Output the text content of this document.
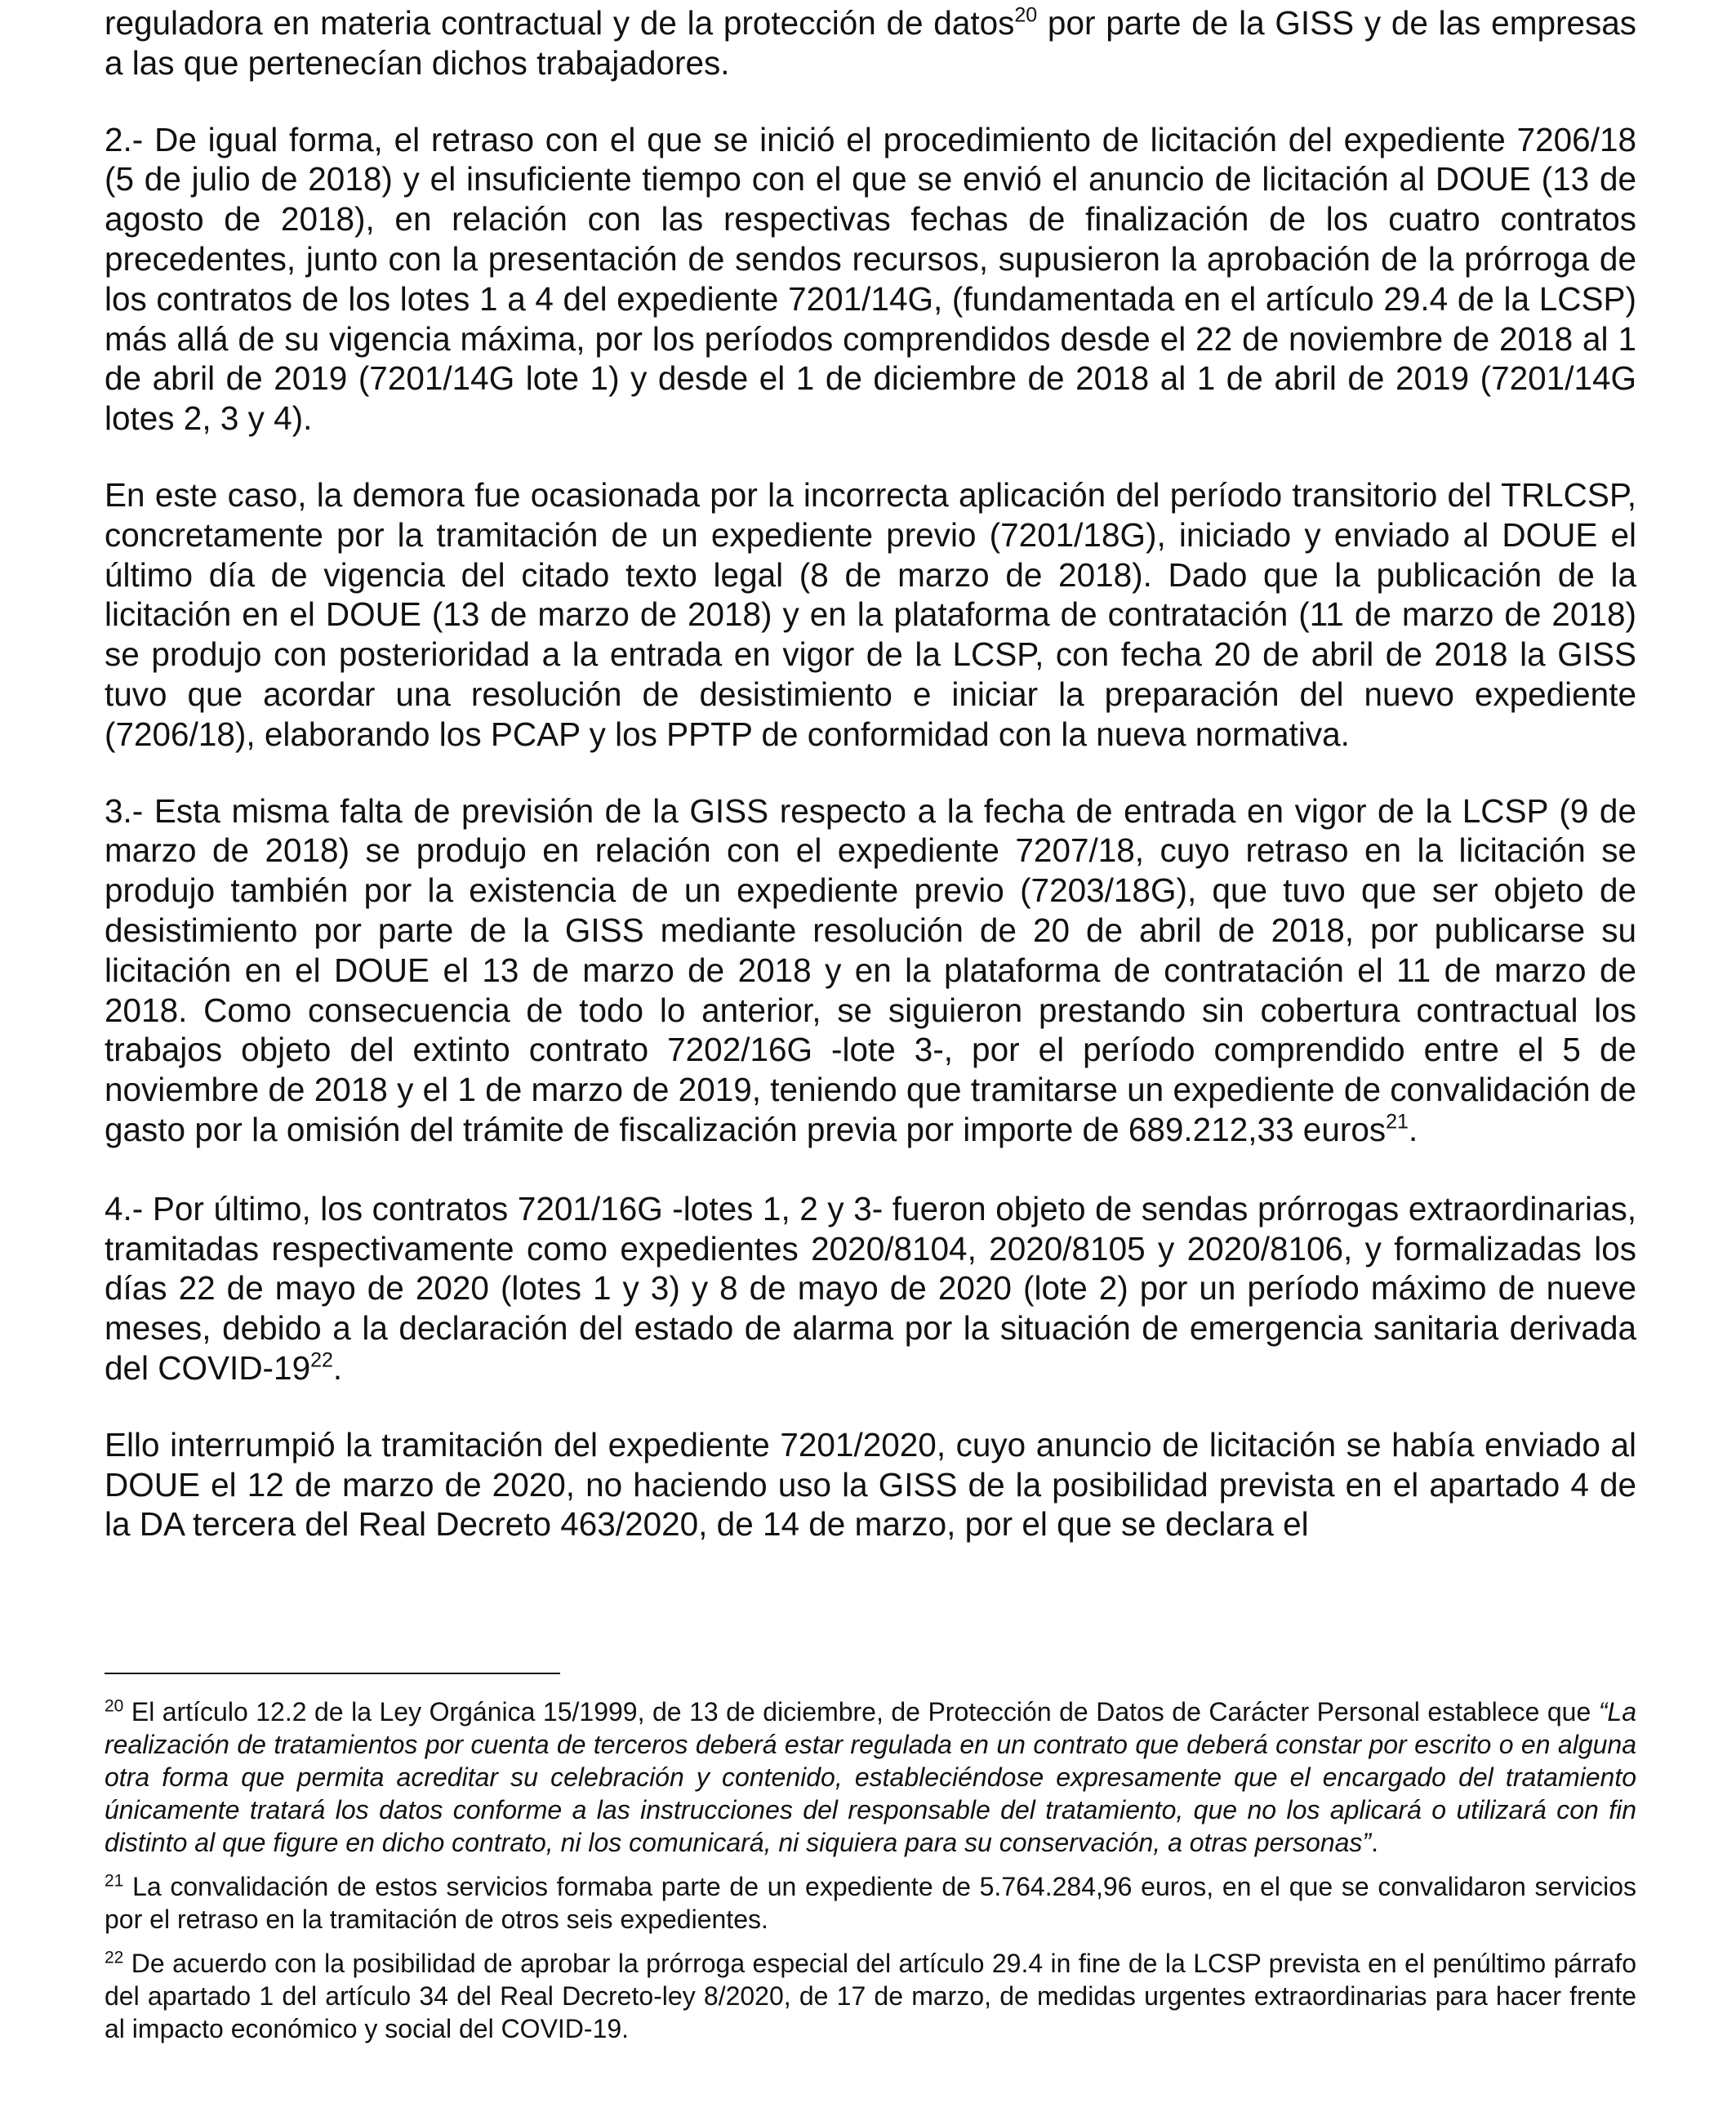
reguladora en materia contractual y de la protección de datos$^{20}$ por parte de la GISS y de las empresas a las que pertenecían dichos trabajadores.

2.- De igual forma, el retraso con el que se inició el procedimiento de licitación del expediente 7206/18 (5 de julio de 2018) y el insuficiente tiempo con el que se envió el anuncio de licitación al DOUE (13 de agosto de 2018), en relación con las respectivas fechas de finalización de los cuatro contratos precedentes, junto con la presentación de sendos recursos, supusieron la aprobación de la prórroga de los contratos de los lotes 1 a 4 del expediente 7201/14G, (fundamentada en el artículo 29.4 de la LCSP) más allá de su vigencia máxima, por los períodos comprendidos desde el 22 de noviembre de 2018 al 1 de abril de 2019 (7201/14G lote 1) y desde el 1 de diciembre de 2018 al 1 de abril de 2019 (7201/14G lotes 2, 3 y 4).

En este caso, la demora fue ocasionada por la incorrecta aplicación del período transitorio del TRLCSP, concretamente por la tramitación de un expediente previo (7201/18G), iniciado y enviado al DOUE el último día de vigencia del citado texto legal (8 de marzo de 2018). Dado que la publicación de la licitación en el DOUE (13 de marzo de 2018) y en la plataforma de contratación (11 de marzo de 2018) se produjo con posterioridad a la entrada en vigor de la LCSP, con fecha 20 de abril de 2018 la GISS tuvo que acordar una resolución de desistimiento e iniciar la preparación del nuevo expediente (7206/18), elaborando los PCAP y los PPTP de conformidad con la nueva normativa.

3.- Esta misma falta de previsión de la GISS respecto a la fecha de entrada en vigor de la LCSP (9 de marzo de 2018) se produjo en relación con el expediente 7207/18, cuyo retraso en la licitación se produjo también por la existencia de un expediente previo (7203/18G), que tuvo que ser objeto de desistimiento por parte de la GISS mediante resolución de 20 de abril de 2018, por publicarse su licitación en el DOUE el 13 de marzo de 2018 y en la plataforma de contratación el 11 de marzo de 2018. Como consecuencia de todo lo anterior, se siguieron prestando sin cobertura contractual los trabajos objeto del extinto contrato 7202/16G -lote 3-, por el período comprendido entre el 5 de noviembre de 2018 y el 1 de marzo de 2019, teniendo que tramitarse un expediente de convalidación de gasto por la omisión del trámite de fiscalización previa por importe de 689.212,33 euros$^{21}$.

4.- Por último, los contratos 7201/16G -lotes 1, 2 y 3- fueron objeto de sendas prórrogas extraordinarias, tramitadas respectivamente como expedientes 2020/8104, 2020/8105 y 2020/8106, y formalizadas los días 22 de mayo de 2020 (lotes 1 y 3) y 8 de mayo de 2020 (lote 2) por un período máximo de nueve meses, debido a la declaración del estado de alarma por la situación de emergencia sanitaria derivada del COVID-$19^{22}$.

Ello interrumpió la tramitación del expediente 7201/2020, cuyo anuncio de licitación se había enviado al DOUE el 12 de marzo de 2020, no haciendo uso la GISS de la posibilidad prevista en el apartado 4 de la DA tercera del Real Decreto 463/2020, de 14 de marzo, por el que se declara el

$^{20}$ El artículo 12.2 de la Ley Orgánica 15/1999, de 13 de diciembre, de Protección de Datos de Carácter Personal establece que “La realización de tratamientos por cuenta de terceros deberá estar regulada en un contrato que deberá constar por escrito o en alguna otra forma que permita acreditar su celebración y contenido, estableciéndose expresamente que el encargado del tratamiento únicamente tratará los datos conforme a las instrucciones del responsable del tratamiento, que no los aplicará o utilizará con fin distinto al que figure en dicho contrato, ni los comunicará, ni siquiera para su conservación, a otras personas”.

$^{21}$ La convalidación de estos servicios formaba parte de un expediente de 5.764.284,96 euros, en el que se convalidaron servicios por el retraso en la tramitación de otros seis expedientes.

$^{22}$ De acuerdo con la posibilidad de aprobar la prórroga especial del artículo 29.4 in fine de la LCSP prevista en el penúltimo párrafo del apartado 1 del artículo 34 del Real Decreto-ley 8/2020, de 17 de marzo, de medidas urgentes extraordinarias para hacer frente al impacto económico y social del COVID-19.
